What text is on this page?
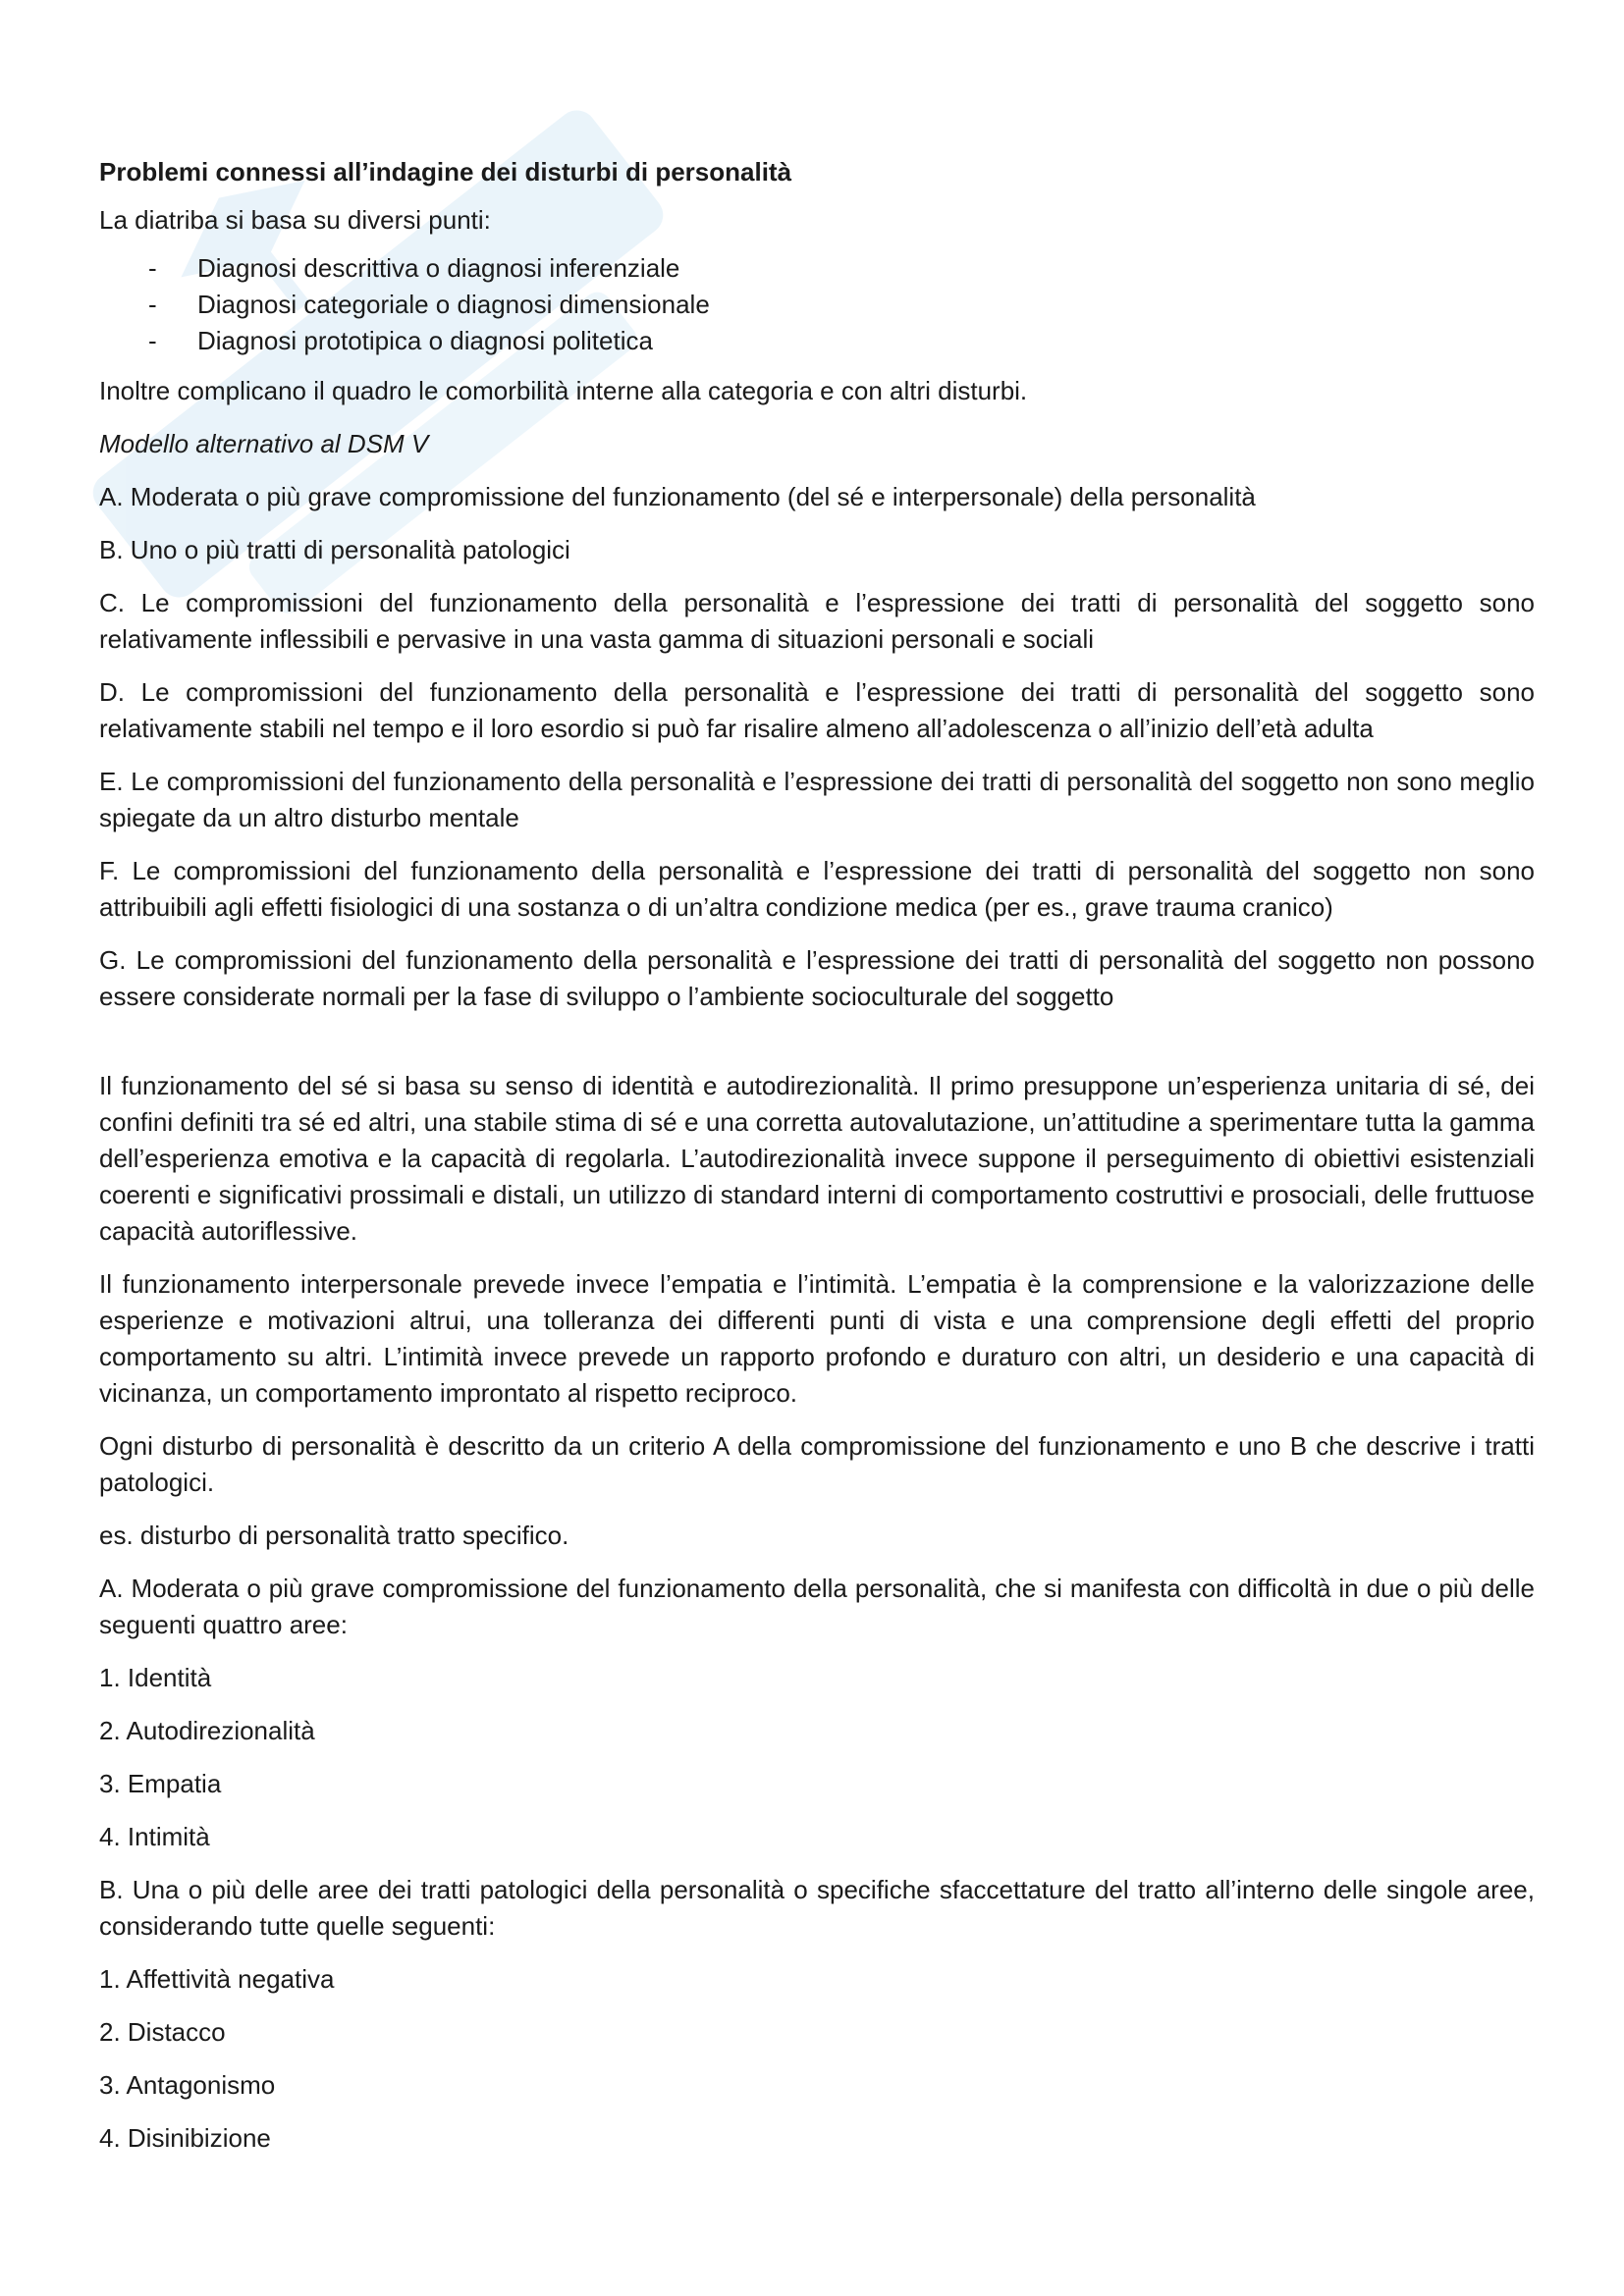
Problemi connessi all’indagine dei disturbi di personalità

La diatriba si basa su diversi punti:

- Diagnosi descrittiva o diagnosi inferenziale
- Diagnosi categoriale o diagnosi dimensionale
- Diagnosi prototipica o diagnosi politetica

Inoltre complicano il quadro le comorbilità interne alla categoria e con altri disturbi.

Modello alternativo al DSM V

A. Moderata o più grave compromissione del funzionamento (del sé e interpersonale) della personalità

B. Uno o più tratti di personalità patologici

C. Le compromissioni del funzionamento della personalità e l’espressione dei tratti di personalità del soggetto sono relativamente inflessibili e pervasive in una vasta gamma di situazioni personali e sociali

D. Le compromissioni del funzionamento della personalità e l’espressione dei tratti di personalità del soggetto sono relativamente stabili nel tempo e il loro esordio si può far risalire almeno all’adolescenza o all’inizio dell’età adulta

E. Le compromissioni del funzionamento della personalità e l’espressione dei tratti di personalità del soggetto non sono meglio spiegate da un altro disturbo mentale

F. Le compromissioni del funzionamento della personalità e l’espressione dei tratti di personalità del soggetto non sono attribuibili agli effetti fisiologici di una sostanza o di un’altra condizione medica (per es., grave trauma cranico)

G. Le compromissioni del funzionamento della personalità e l’espressione dei tratti di personalità del soggetto non possono essere considerate normali per la fase di sviluppo o l’ambiente socioculturale del soggetto

Il funzionamento del sé si basa su senso di identità e autodirezionalità. Il primo presuppone un’esperienza unitaria di sé, dei confini definiti tra sé ed altri, una stabile stima di sé e una corretta autovalutazione, un’attitudine a sperimentare tutta la gamma dell’esperienza emotiva e la capacità di regolarla. L’autodirezionalità invece suppone il perseguimento di obiettivi esistenziali coerenti e significativi prossimali e distali, un utilizzo di standard interni di comportamento costruttivi e prosociali, delle fruttuose capacità autoriflessive.

Il funzionamento interpersonale prevede invece l’empatia e l’intimità. L’empatia è la comprensione e la valorizzazione delle esperienze e motivazioni altrui, una tolleranza dei differenti punti di vista e una comprensione degli effetti del proprio comportamento su altri. L’intimità invece prevede un rapporto profondo e duraturo con altri, un desiderio e una capacità di vicinanza, un comportamento improntato al rispetto reciproco.

Ogni disturbo di personalità è descritto da un criterio A della compromissione del funzionamento e uno B che descrive i tratti patologici.

es. disturbo di personalità tratto specifico.

A. Moderata o più grave compromissione del funzionamento della personalità, che si manifesta con difficoltà in due o più delle seguenti quattro aree:

1. Identità

2. Autodirezionalità

3. Empatia

4. Intimità

B. Una o più delle aree dei tratti patologici della personalità o specifiche sfaccettature del tratto all’interno delle singole aree, considerando tutte quelle seguenti:

1. Affettività negativa

2. Distacco

3. Antagonismo

4. Disinibizione
